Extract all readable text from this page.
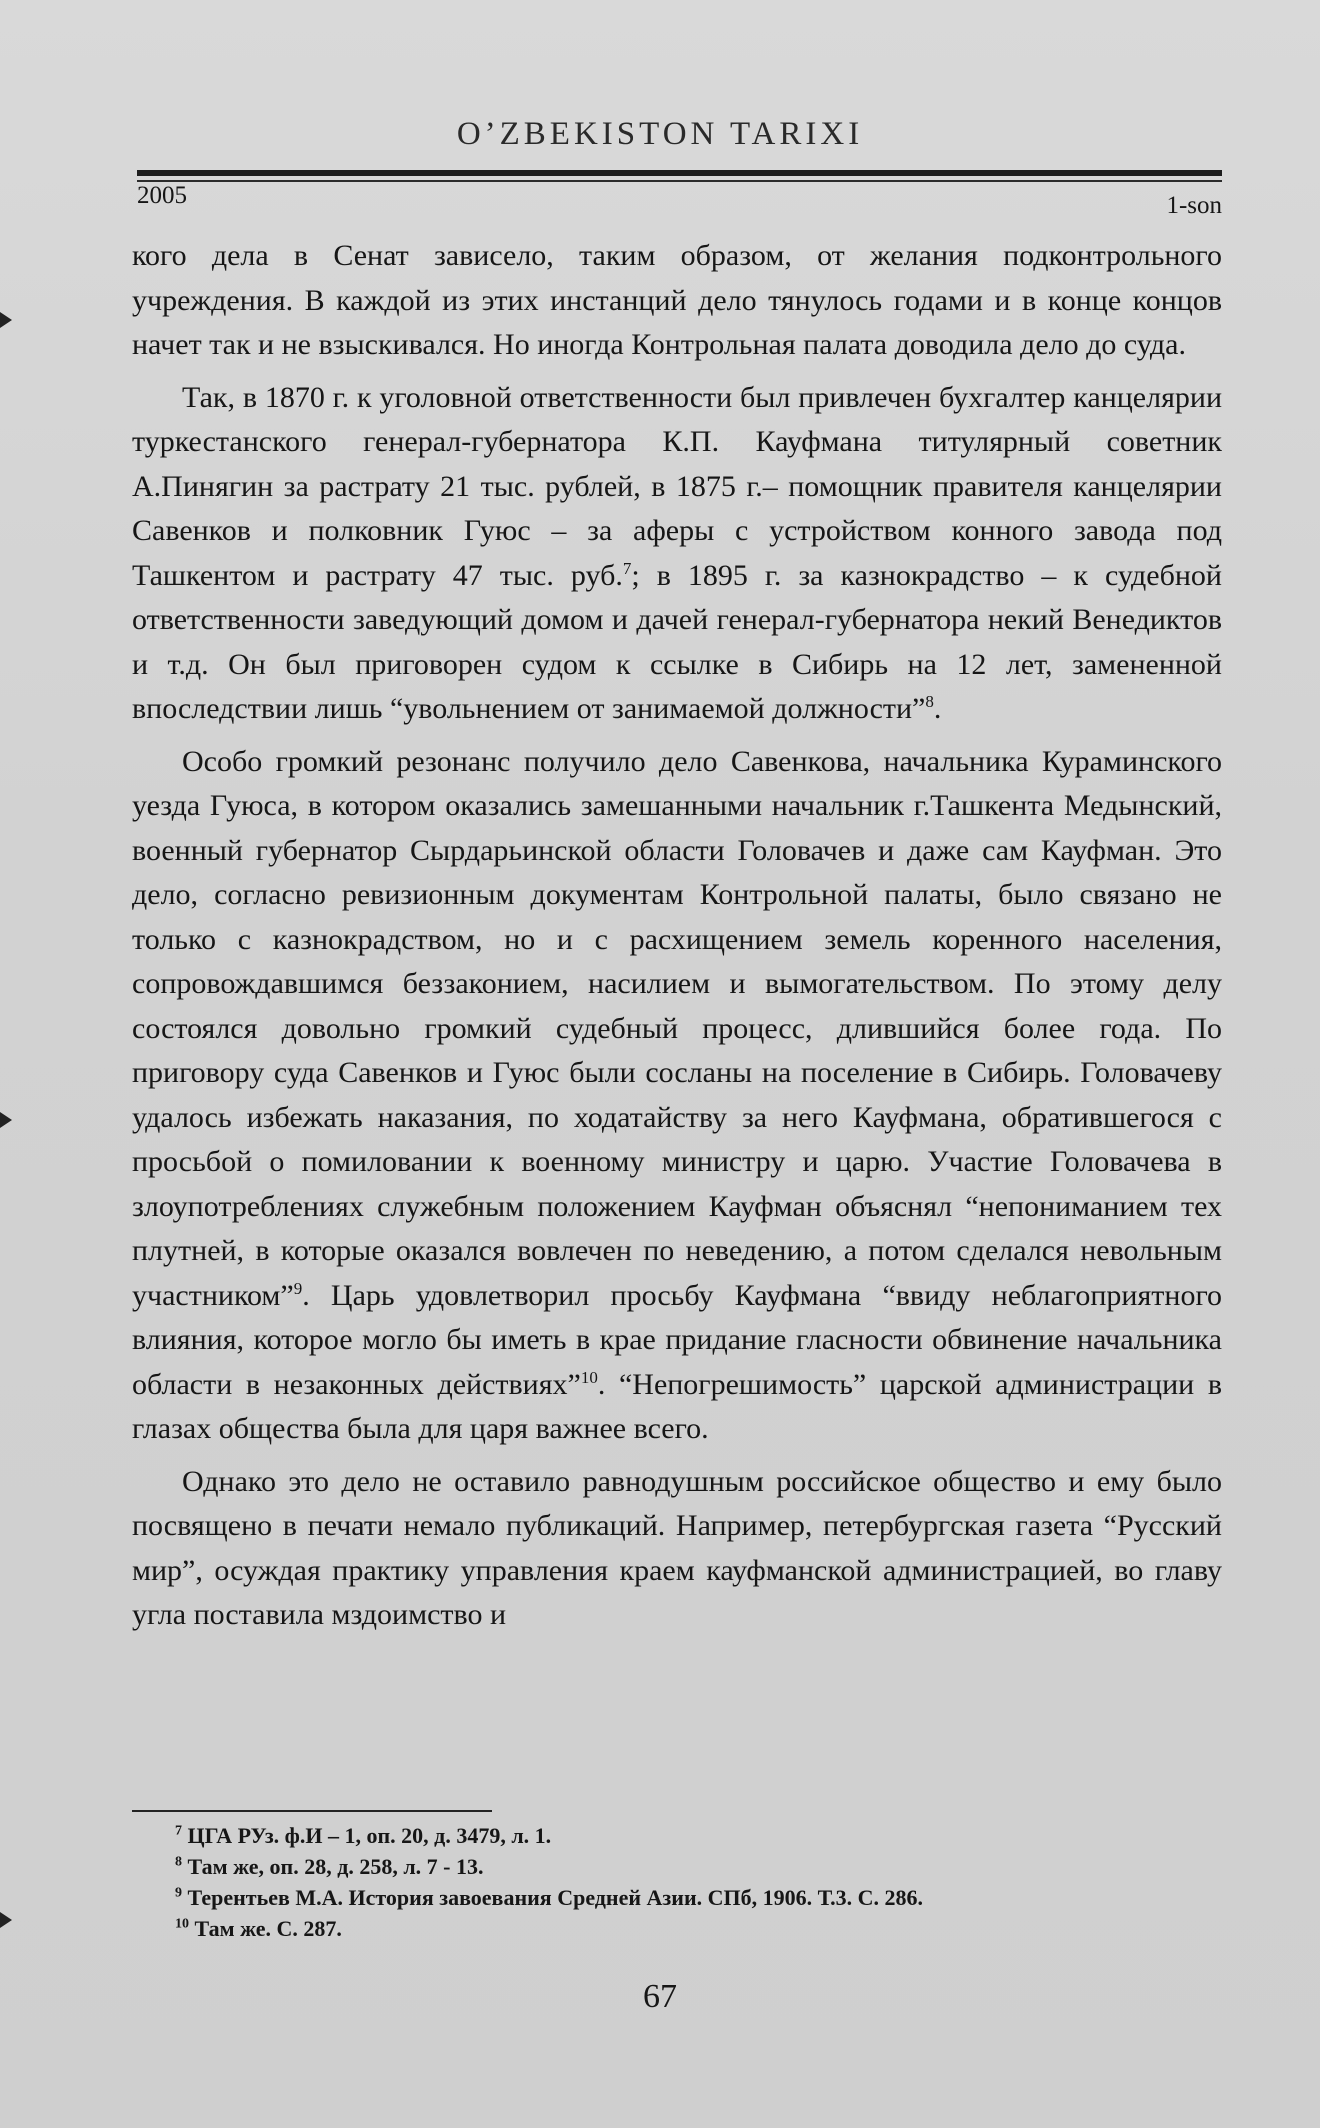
O’ZBEKISTON TARIXI
2005	1-son

кого дела в Сенат зависело, таким образом, от желания подконтрольного учреждения. В каждой из этих инстанций дело тянулось годами и в конце концов начет так и не взыскивался. Но иногда Контрольная палата доводила дело до суда.

Так, в 1870 г. к уголовной ответственности был привлечен бухгалтер канцелярии туркестанского генерал-губернатора К.П. Кауфмана титулярный советник А.Пинягин за растрату 21 тыс. рублей, в 1875 г.– помощник правителя канцелярии Савенков и полковник Гуюс – за аферы с устройством конного завода под Ташкентом и растрату 47 тыс. руб.$^7$; в 1895 г. за казнокрадство – к судебной ответственности заведующий домом и дачей генерал-губернатора некий Венедиктов и т.д. Он был приговорен судом к ссылке в Сибирь на 12 лет, замененной впоследствии лишь “увольнением от занимаемой должности”$^8$.

Особо громкий резонанс получило дело Савенкова, начальника Кураминского уезда Гуюса, в котором оказались замешанными начальник г.Ташкента Медынский, военный губернатор Сырдарьинской области Головачев и даже сам Кауфман. Это дело, согласно ревизионным документам Контрольной палаты, было связано не только с казнокрадством, но и с расхищением земель коренного населения, сопровождавшимся беззаконием, насилием и вымогательством. По этому делу состоялся довольно громкий судебный процесс, длившийся более года. По приговору суда Савенков и Гуюс были сосланы на поселение в Сибирь. Головачеву удалось избежать наказания, по ходатайству за него Кауфмана, обратившегося с просьбой о помиловании к военному министру и царю. Участие Головачева в злоупотреблениях служебным положением Кауфман объяснял “непониманием тех плутней, в которые оказался вовлечен по неведению, а потом сделался невольным участником”$^9$. Царь удовлетворил просьбу Кауфмана “ввиду неблагоприятного влияния, которое могло бы иметь в крае придание гласности обвинение начальника области в незаконных действиях”$^{10}$. “Непогрешимость” царской администрации в глазах общества была для царя важнее всего.

Однако это дело не оставило равнодушным российское общество и ему было посвящено в печати немало публикаций. Например, петербургская газета “Русский мир”, осуждая практику управления краем кауфманской администрацией, во главу угла поставила мздоимство и

$^7$ ЦГА РУз. ф.И – 1, оп. 20, д. 3479, л. 1.
$^8$ Там же, оп. 28, д. 258, л. 7 - 13.
$^9$ Терентьев М.А. История завоевания Средней Азии. СПб, 1906. Т.3. С. 286.
$^{10}$ Там же. С. 287.
67
